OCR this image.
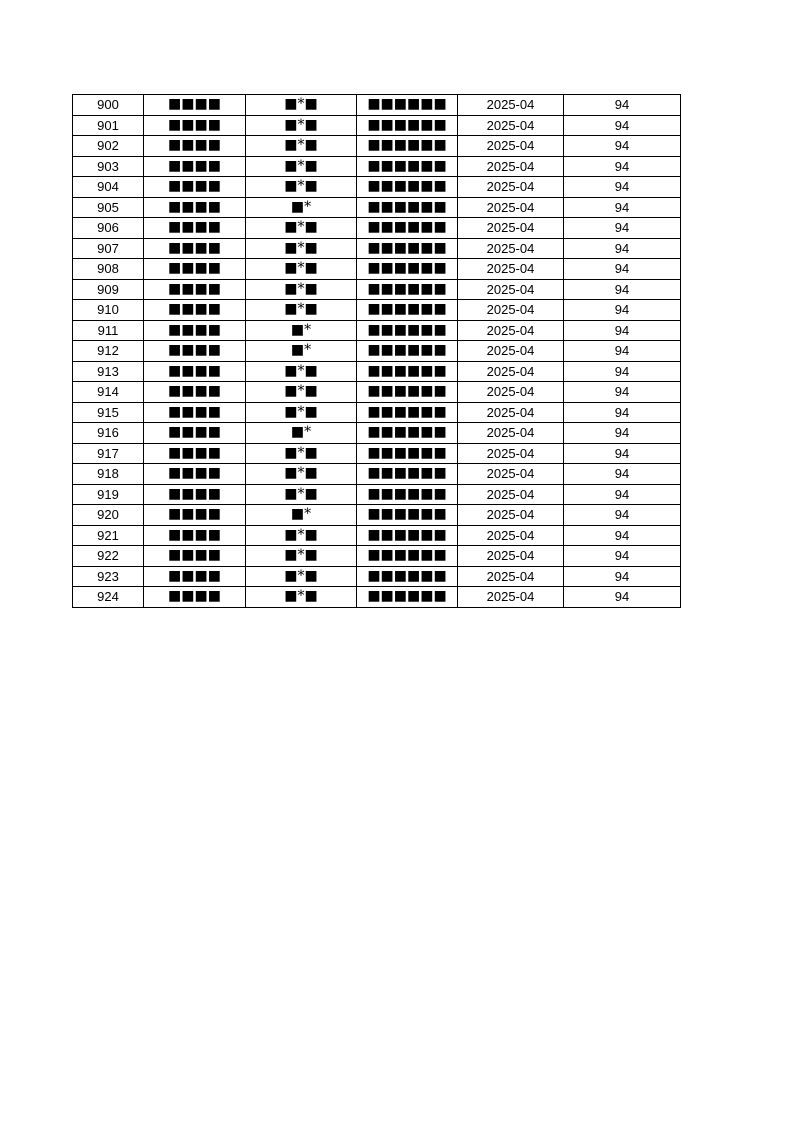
900	■■■■	■*■	■■■■■■	2025-04	94
901	■■■■	■*■	■■■■■■	2025-04	94
902	■■■■	■*■	■■■■■■	2025-04	94
903	■■■■	■*■	■■■■■■	2025-04	94
904	■■■■	■*■	■■■■■■	2025-04	94
905	■■■■	■*	■■■■■■	2025-04	94
906	■■■■	■*■	■■■■■■	2025-04	94
907	■■■■	■*■	■■■■■■	2025-04	94
908	■■■■	■*■	■■■■■■	2025-04	94
909	■■■■	■*■	■■■■■■	2025-04	94
910	■■■■	■*■	■■■■■■	2025-04	94
911	■■■■	■*	■■■■■■	2025-04	94
912	■■■■	■*	■■■■■■	2025-04	94
913	■■■■	■*■	■■■■■■	2025-04	94
914	■■■■	■*■	■■■■■■	2025-04	94
915	■■■■	■*■	■■■■■■	2025-04	94
916	■■■■	■*	■■■■■■	2025-04	94
917	■■■■	■*■	■■■■■■	2025-04	94
918	■■■■	■*■	■■■■■■	2025-04	94
919	■■■■	■*■	■■■■■■	2025-04	94
920	■■■■	■*	■■■■■■	2025-04	94
921	■■■■	■*■	■■■■■■	2025-04	94
922	■■■■	■*■	■■■■■■	2025-04	94
923	■■■■	■*■	■■■■■■	2025-04	94
924	■■■■	■*■	■■■■■■	2025-04	94
